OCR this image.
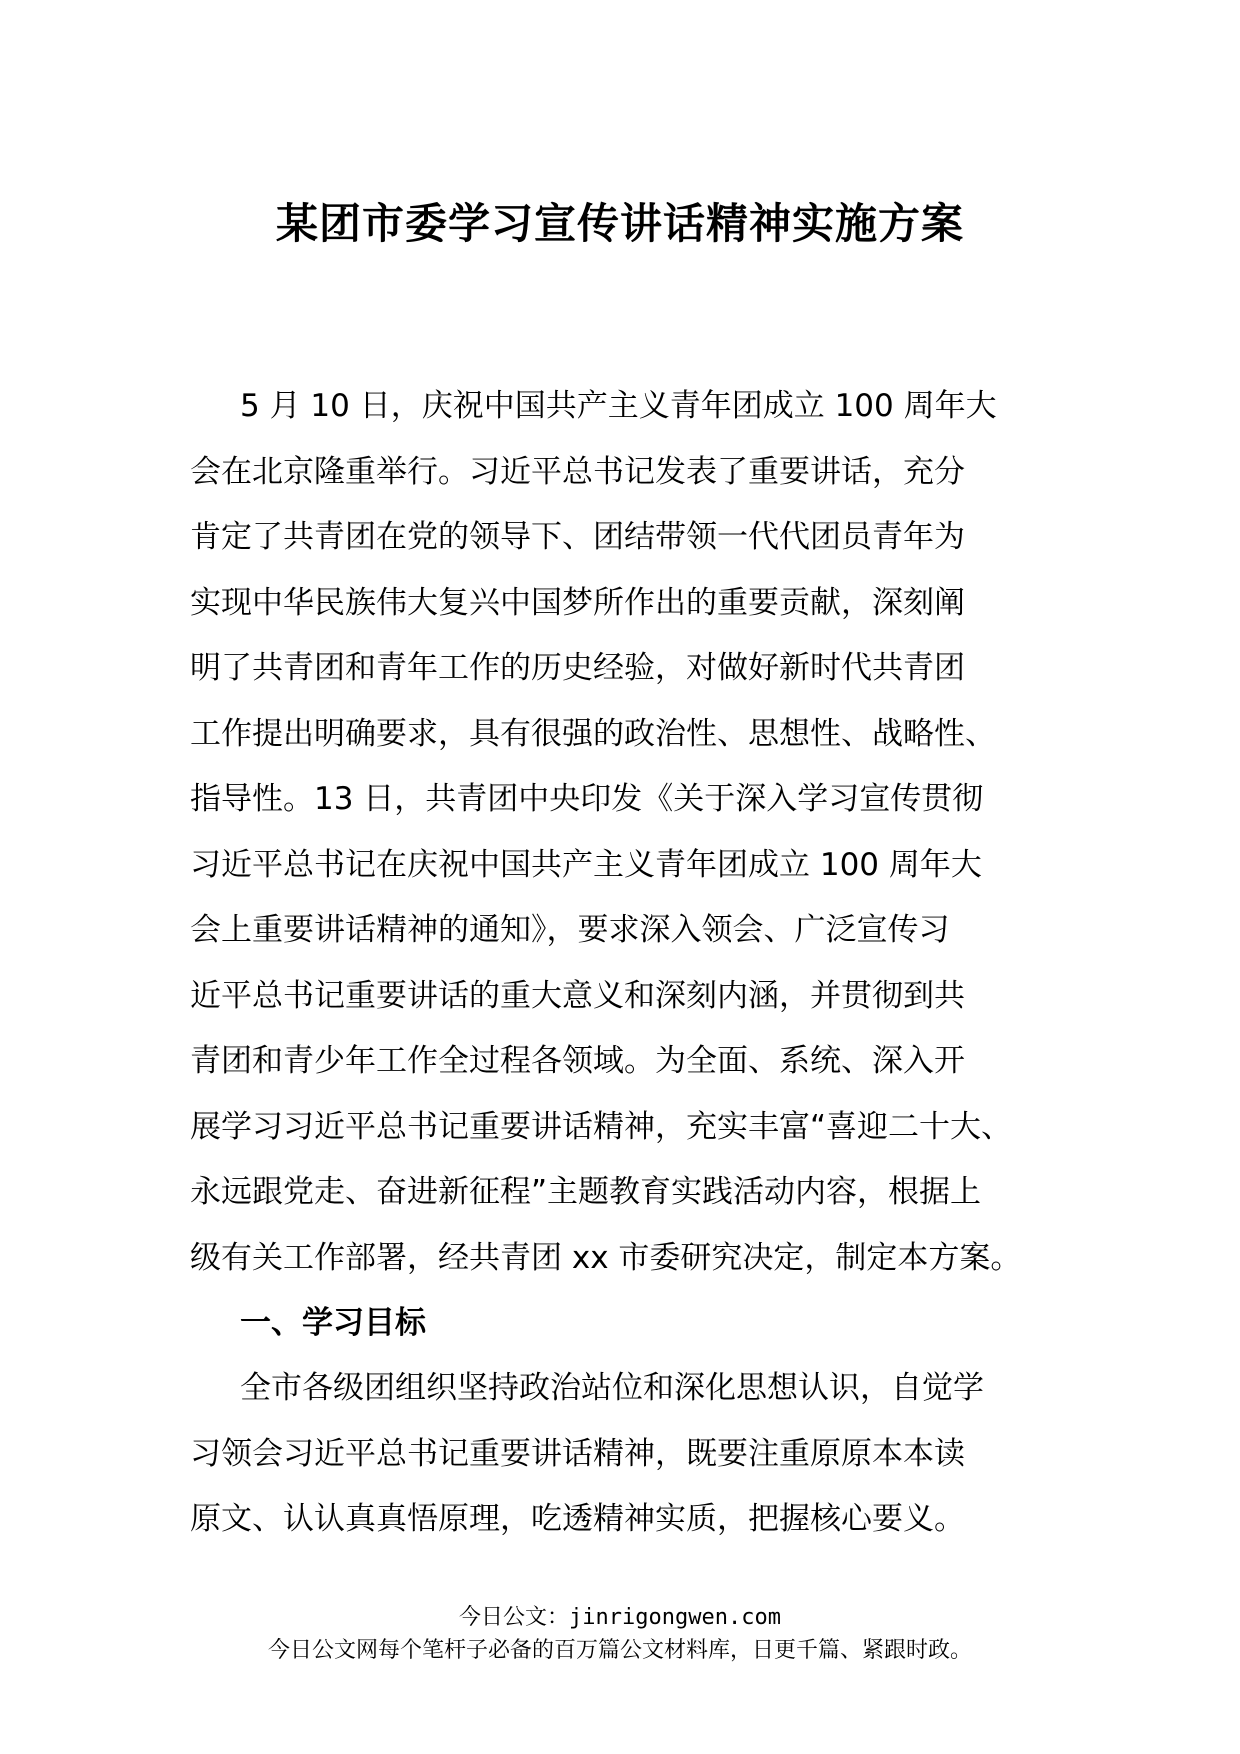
某团市委学习宣传讲话精神实施方案
5 月 10 日，庆祝中国共产主义青年团成立 100 周年大
会在北京隆重举行。习近平总书记发表了重要讲话，充分
肯定了共青团在党的领导下、团结带领一代代团员青年为
实现中华民族伟大复兴中国梦所作出的重要贡献，深刻阐
明了共青团和青年工作的历史经验，对做好新时代共青团
工作提出明确要求，具有很强的政治性、思想性、战略性、
指导性。13 日，共青团中央印发《关于深入学习宣传贯彻
习近平总书记在庆祝中国共产主义青年团成立 100 周年大
会上重要讲话精神的通知》，要求深入领会、广泛宣传习
近平总书记重要讲话的重大意义和深刻内涵，并贯彻到共
青团和青少年工作全过程各领域。为全面、系统、深入开
展学习习近平总书记重要讲话精神，充实丰富“喜迎二十大、
永远跟党走、奋进新征程”主题教育实践活动内容，根据上
级有关工作部署，经共青团 xx 市委研究决定，制定本方案。
一、学习目标
全市各级团组织坚持政治站位和深化思想认识，自觉学
习领会习近平总书记重要讲话精神，既要注重原原本本读
原文、认认真真悟原理，吃透精神实质，把握核心要义。
今日公文：jinrigongwen.com
今日公文网每个笔杆子必备的百万篇公文材料库，日更千篇、紧跟时政。
